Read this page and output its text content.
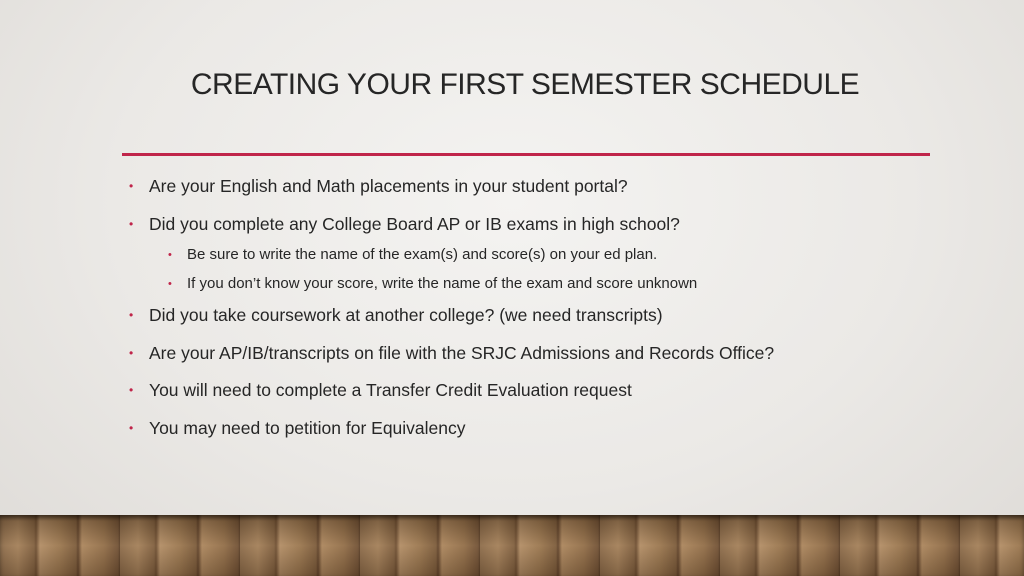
CREATING YOUR FIRST SEMESTER SCHEDULE
• Are your English and Math placements in your student portal?
• Did you complete any College Board AP or IB exams in high school?
• Be sure to write the name of the exam(s) and score(s) on your ed plan.
• If you don’t know your score, write the name of the exam and score unknown
• Did you take coursework at another college? (we need transcripts)
• Are your AP/IB/transcripts on file with the SRJC Admissions and Records Office?
• You will need to complete a Transfer Credit Evaluation request
• You may need to petition for Equivalency
